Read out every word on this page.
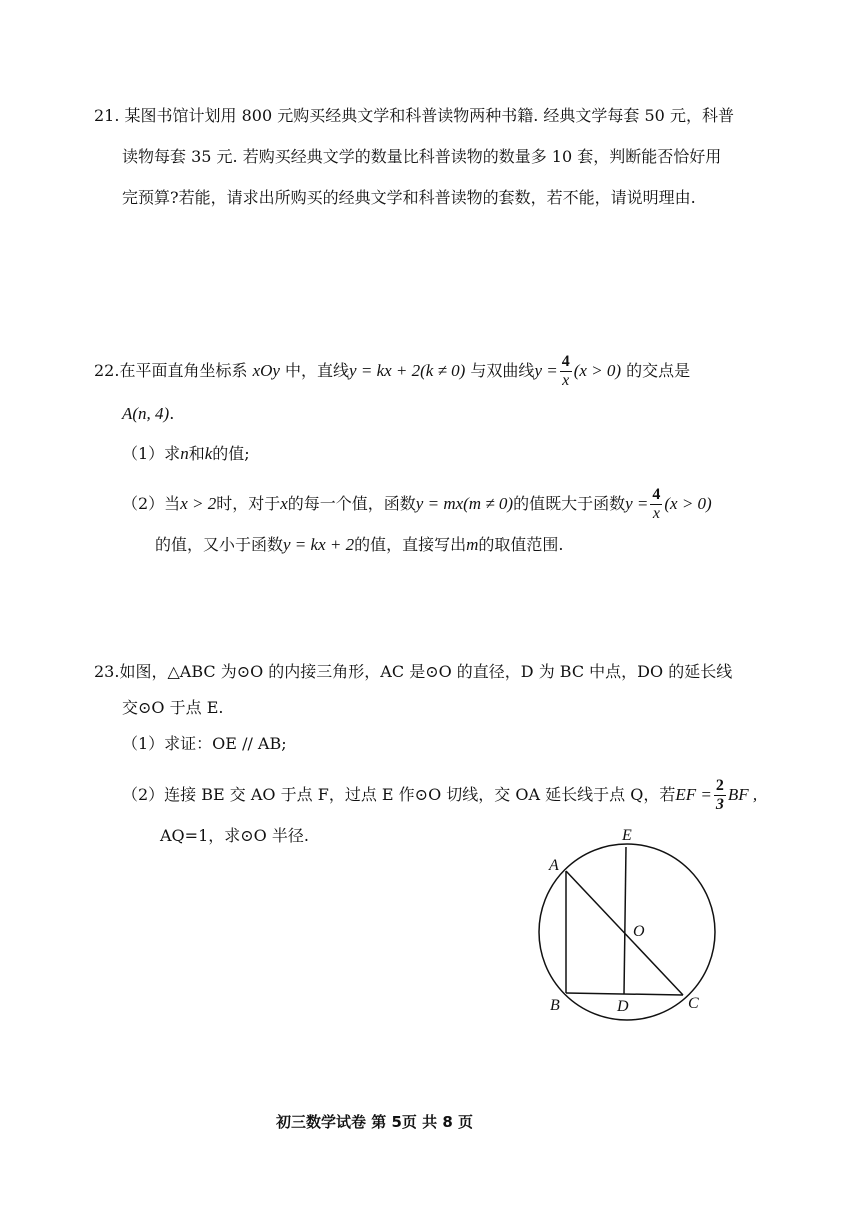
21. 某图书馆计划用 800 元购买经典文学和科普读物两种书籍. 经典文学每套 50 元，科普
读物每套 35 元. 若购买经典文学的数量比科普读物的数量多 10 套，判断能否恰好用
完预算?若能，请求出所购买的经典文学和科普读物的套数，若不能，请说明理由.
22.在平面直角坐标系 xOy 中，直线y = kx + 2(k ≠ 0) 与双曲线$y = \frac{4}{x} (x > 0)$ 的交点是
A(n, 4).
（1）求n和k的值;
（2）当x > 2时，对于x的每一个值，函数y = mx(m ≠ 0)的值既大于函数$y = \frac{4}{x} (x > 0)$
的值，又小于函数y = kx + 2的值，直接写出m的取值范围.
23.如图，△ABC 为⊙O 的内接三角形，AC 是⊙O 的直径，D 为 BC 中点，DO 的延长线
交⊙O 于点 E.
（1）求证：OE // AB;
（2）连接 BE 交 AO 于点 F，过点 E 作⊙O 切线，交 OA 延长线于点 Q，若EF = $\frac{2}{3}$ BF ,
AQ=1，求⊙O 半径.	E
A
O
B	D	C
初三数学试卷 第 5页 共 8 页
